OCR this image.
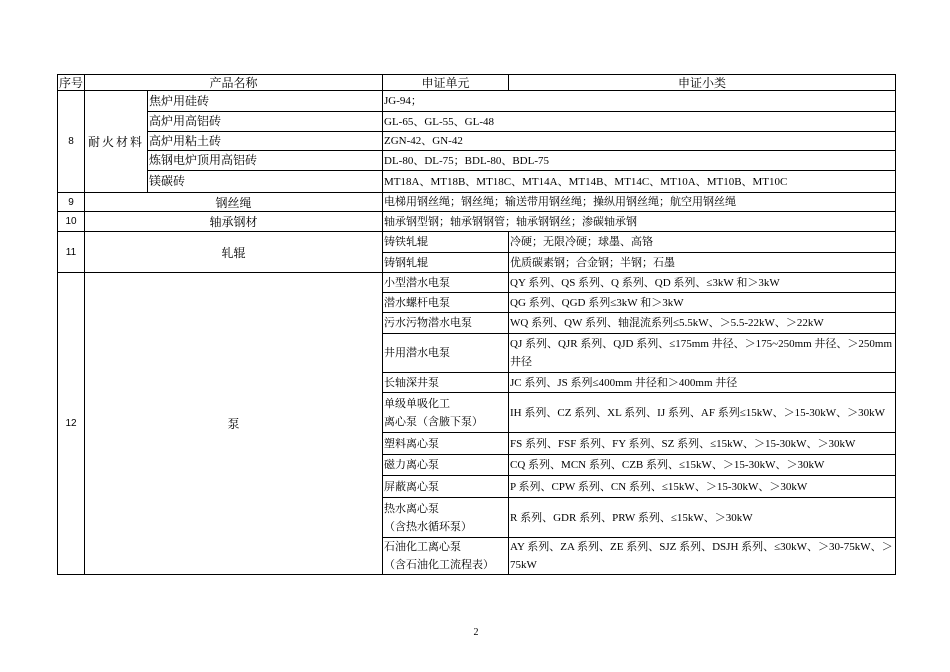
序号	产品名称		申证单元	申证小类
8	耐火材料	焦炉用硅砖	JG-94；	
		高炉用高铝砖	GL-65、GL-55、GL-48	
		高炉用粘土砖	ZGN-42、GN-42	
		炼钢电炉顶用高铝砖	DL-80、DL-75；BDL-80、BDL-75	
		镁碳砖	MT18A、MT18B、MT18C、MT14A、MT14B、MT14C、MT10A、MT10B、MT10C	
9	钢丝绳		电梯用钢丝绳；钢丝绳；输送带用钢丝绳；操纵用钢丝绳；航空用钢丝绳	
10	轴承钢材		轴承钢型钢；轴承钢钢管；轴承钢钢丝；渗碳轴承钢	
11	轧辊		铸铁轧辊	冷硬；无限冷硬；球墨、高铬
			铸钢轧辊	优质碳素钢；合金钢；半钢；石墨
12	泵		小型潜水电泵	QY 系列、QS 系列、Q 系列、QD 系列、≤3kW 和＞3kW
			潜水螺杆电泵	QG 系列、QGD 系列≤3kW 和＞3kW
			污水污物潜水电泵	WQ 系列、QW 系列、轴混流系列≤5.5kW、＞5.5-22kW、＞22kW
			井用潜水电泵	QJ 系列、QJR 系列、QJD 系列、≤175mm 井径、＞175~250mm 井径、＞250mm 井径
			长轴深井泵	JC 系列、JS 系列≤400mm 井径和＞400mm 井径

			单级单吸化工
离心泵（含腋下泵）	IH 系列、CZ 系列、XL 系列、IJ 系列、AF 系列≤15kW、＞15-30kW、＞30kW
			塑料离心泵	FS 系列、FSF 系列、FY 系列、SZ 系列、≤15kW、＞15-30kW、＞30kW
			磁力离心泵	CQ 系列、MCN 系列、CZB 系列、≤15kW、＞15-30kW、＞30kW
			屏蔽离心泵	P 系列、CPW 系列、CN 系列、≤15kW、＞15-30kW、＞30kW

			热水离心泵
（含热水循环泵）	R 系列、GDR 系列、PRW 系列、≤15kW、＞30kW

			石油化工离心泵
（含石油化工流程表）	AY 系列、ZA 系列、ZE 系列、SJZ 系列、DSJH 系列、≤30kW、＞30-75kW、＞75kW
2
